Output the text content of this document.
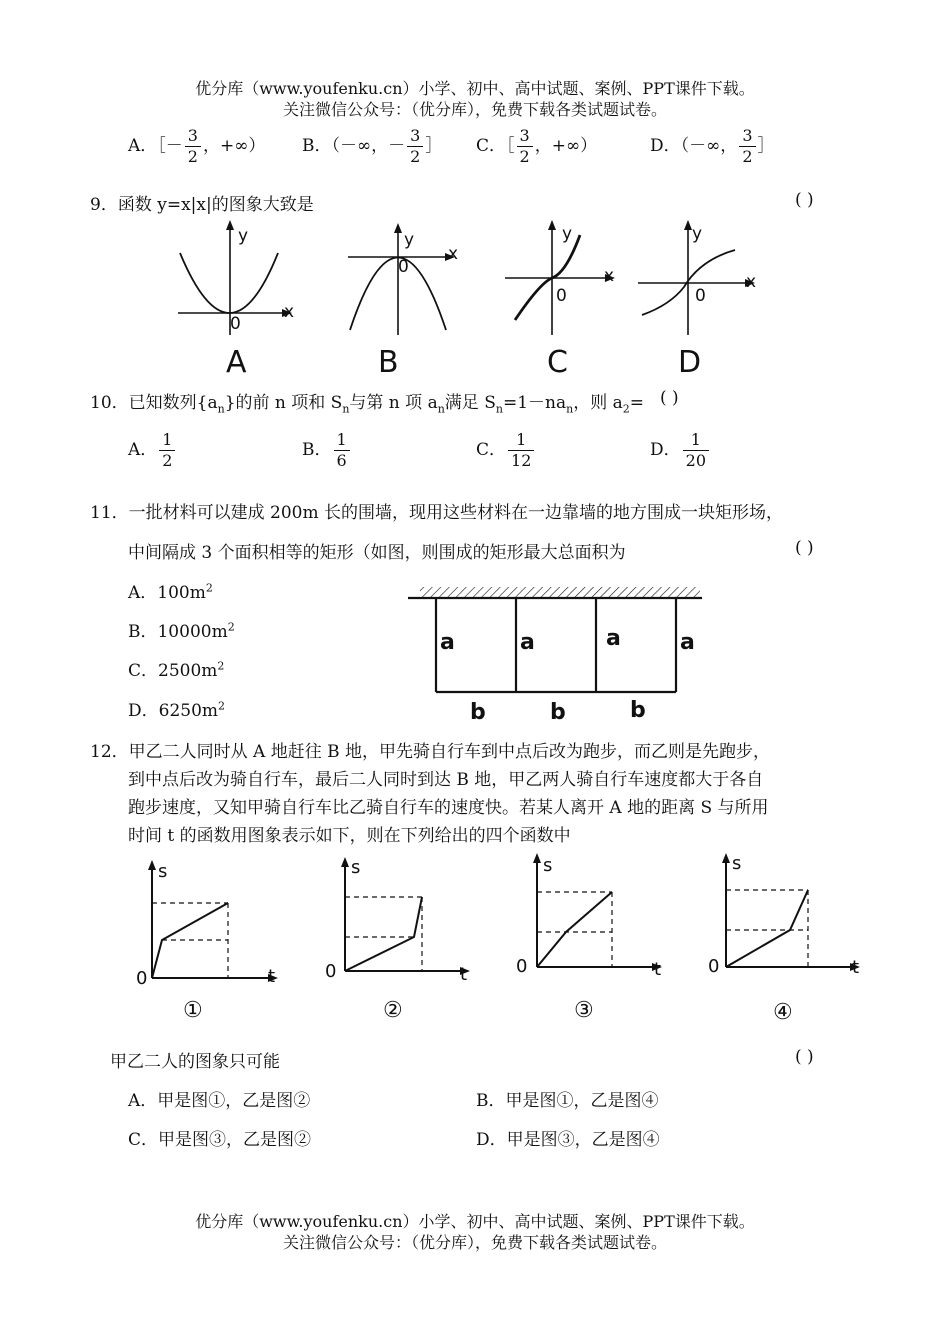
优分库（www.youfenku.cn）小学、初中、高中试题、案例、PPT课件下载。
关注微信公众号：（优分库），免费下载各类试题试卷。
A．［－ $\frac{3}{2}$ ，+∞） B．（－∞，－ $\frac{3}{2}$ ］ C．［ $\frac{3}{2}$ ，+∞）	D．（－∞， $\frac{3}{2}$ ］
9．函数 y=x|x|的图象大致是	( )
y
x
0
y
x
0
y
x
0
y
x
0
A	B	C	D
10．已知数列$\{a_n\}$的前 n 项和 $S_n$与第 n 项 $a_n$满足 $S_n=1-na_n$，则 $a_2=$ ( )
A． $\frac{1}{2}$	B． $\frac{1}{6}$	C． $\frac{1}{12}$	D． $\frac{1}{20}$
11．一批材料可以建成 200m 长的围墙，现用这些材料在一边靠墙的地方围成一块矩形场，
中间隔成 3 个面积相等的矩形（如图，则围成的矩形最大总面积为	( )
A．$100m^2$
B．$10000m^2$
C．$2500m^2$
D．$6250m^2$
a	a	a	a
b	b	b
12．甲乙二人同时从 A 地赶往 B 地，甲先骑自行车到中点后改为跑步，而乙则是先跑步，
到中点后改为骑自行车，最后二人同时到达 B 地，甲乙两人骑自行车速度都大于各自
跑步速度，又知甲骑自行车比乙骑自行车的速度快。若某人离开 A 地的距离 S 与所用
时间 t 的函数用图象表示如下，则在下列给出的四个函数中
s
t
0
s
t
0
s
t
0
s
t
0
①	②	③	④
甲乙二人的图象只可能	( )
A．甲是图①，乙是图②	B．甲是图①，乙是图④
C．甲是图③，乙是图②	D．甲是图③，乙是图④
优分库（www.youfenku.cn）小学、初中、高中试题、案例、PPT课件下载。
关注微信公众号：（优分库），免费下载各类试题试卷。
